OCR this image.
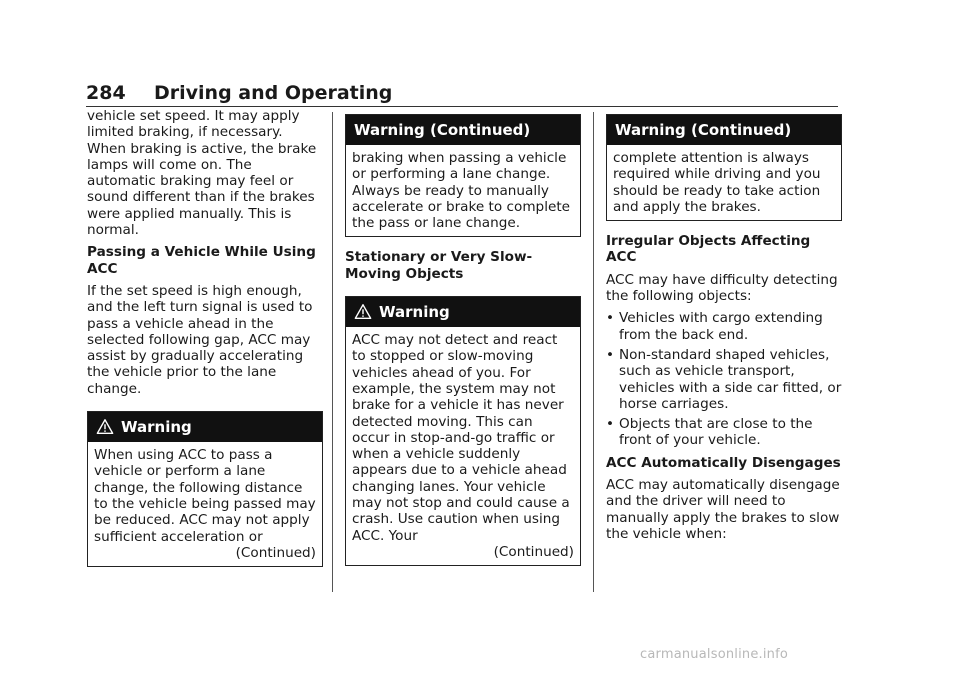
284 Driving and Operating

vehicle set speed. It may apply limited braking, if necessary. When braking is active, the brake lamps will come on. The automatic braking may feel or sound different than if the brakes were applied manually. This is normal.

Passing a Vehicle While Using ACC

If the set speed is high enough, and the left turn signal is used to pass a vehicle ahead in the selected following gap, ACC may assist by gradually accelerating the vehicle prior to the lane change.

Warning

When using ACC to pass a vehicle or perform a lane change, the following distance to the vehicle being passed may be reduced. ACC may not apply sufficient acceleration or

(Continued)

Warning (Continued)

braking when passing a vehicle or performing a lane change. Always be ready to manually accelerate or brake to complete the pass or lane change.

Stationary or Very Slow-Moving Objects

Warning

ACC may not detect and react to stopped or slow-moving vehicles ahead of you. For example, the system may not brake for a vehicle it has never detected moving. This can occur in stop-and-go traffic or when a vehicle suddenly appears due to a vehicle ahead changing lanes. Your vehicle may not stop and could cause a crash. Use caution when using ACC. Your

(Continued)

Warning (Continued)

complete attention is always required while driving and you should be ready to take action and apply the brakes.

Irregular Objects Affecting ACC

ACC may have difficulty detecting the following objects:

• Vehicles with cargo extending from the back end.
• Non-standard shaped vehicles, such as vehicle transport, vehicles with a side car fitted, or horse carriages.
• Objects that are close to the front of your vehicle.

ACC Automatically Disengages

ACC may automatically disengage and the driver will need to manually apply the brakes to slow the vehicle when:

carmanualsonline.info
